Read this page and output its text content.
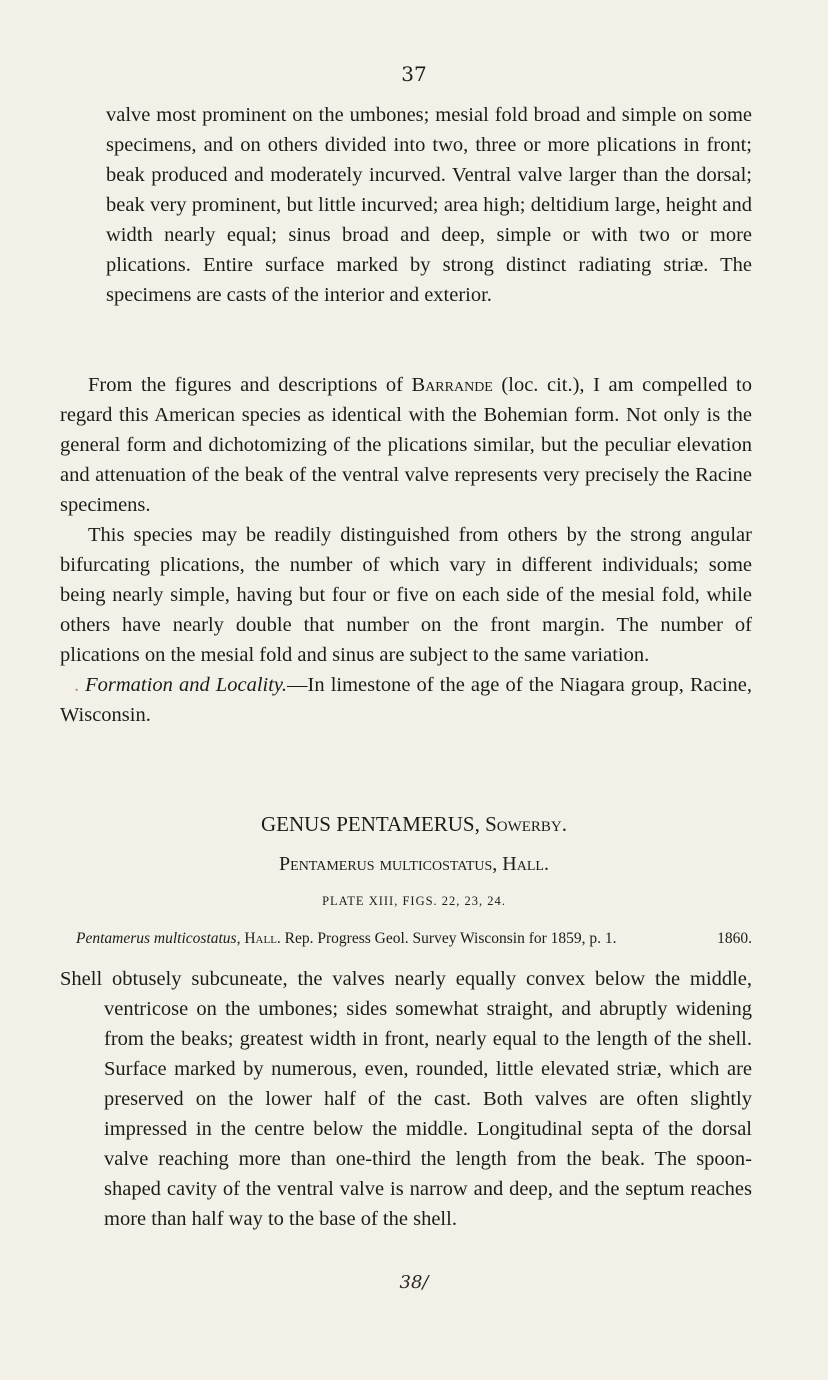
37
valve most prominent on the umbones; mesial fold broad and simple on some specimens, and on others divided into two, three or more plications in front; beak produced and moderately incurved. Ventral valve larger than the dorsal; beak very prominent, but little incurved; area high; deltidium large, height and width nearly equal; sinus broad and deep, simple or with two or more plications. Entire surface marked by strong distinct radiating striæ. The specimens are casts of the interior and exterior.

From the figures and descriptions of Barrande (loc. cit.), I am compelled to regard this American species as identical with the Bohemian form. Not only is the general form and dichotomizing of the plications similar, but the peculiar elevation and attenuation of the beak of the ventral valve represents very precisely the Racine specimens.

This species may be readily distinguished from others by the strong angular bifurcating plications, the number of which vary in different individuals; some being nearly simple, having but four or five on each side of the mesial fold, while others have nearly double that number on the front margin. The number of plications on the mesial fold and sinus are subject to the same variation.

. Formation and Locality.—In limestone of the age of the Niagara group, Racine, Wisconsin.

GENUS PENTAMERUS, Sowerby.
Pentamerus multicostatus, Hall.
PLATE XIII, FIGS. 22, 23, 24.
Pentamerus multicostatus, Hall. Rep. Progress Geol. Survey Wisconsin for 1859, p. 1.	1860.
Shell obtusely subcuneate, the valves nearly equally convex below the middle, ventricose on the umbones; sides somewhat straight, and abruptly widening from the beaks; greatest width in front, nearly equal to the length of the shell. Surface marked by numerous, even, rounded, little elevated striæ, which are preserved on the lower half of the cast. Both valves are often slightly impressed in the centre below the middle. Longitudinal septa of the dorsal valve reaching more than one-third the length from the beak. The spoon-shaped cavity of the ventral valve is narrow and deep, and the septum reaches more than half way to the base of the shell.
38/
